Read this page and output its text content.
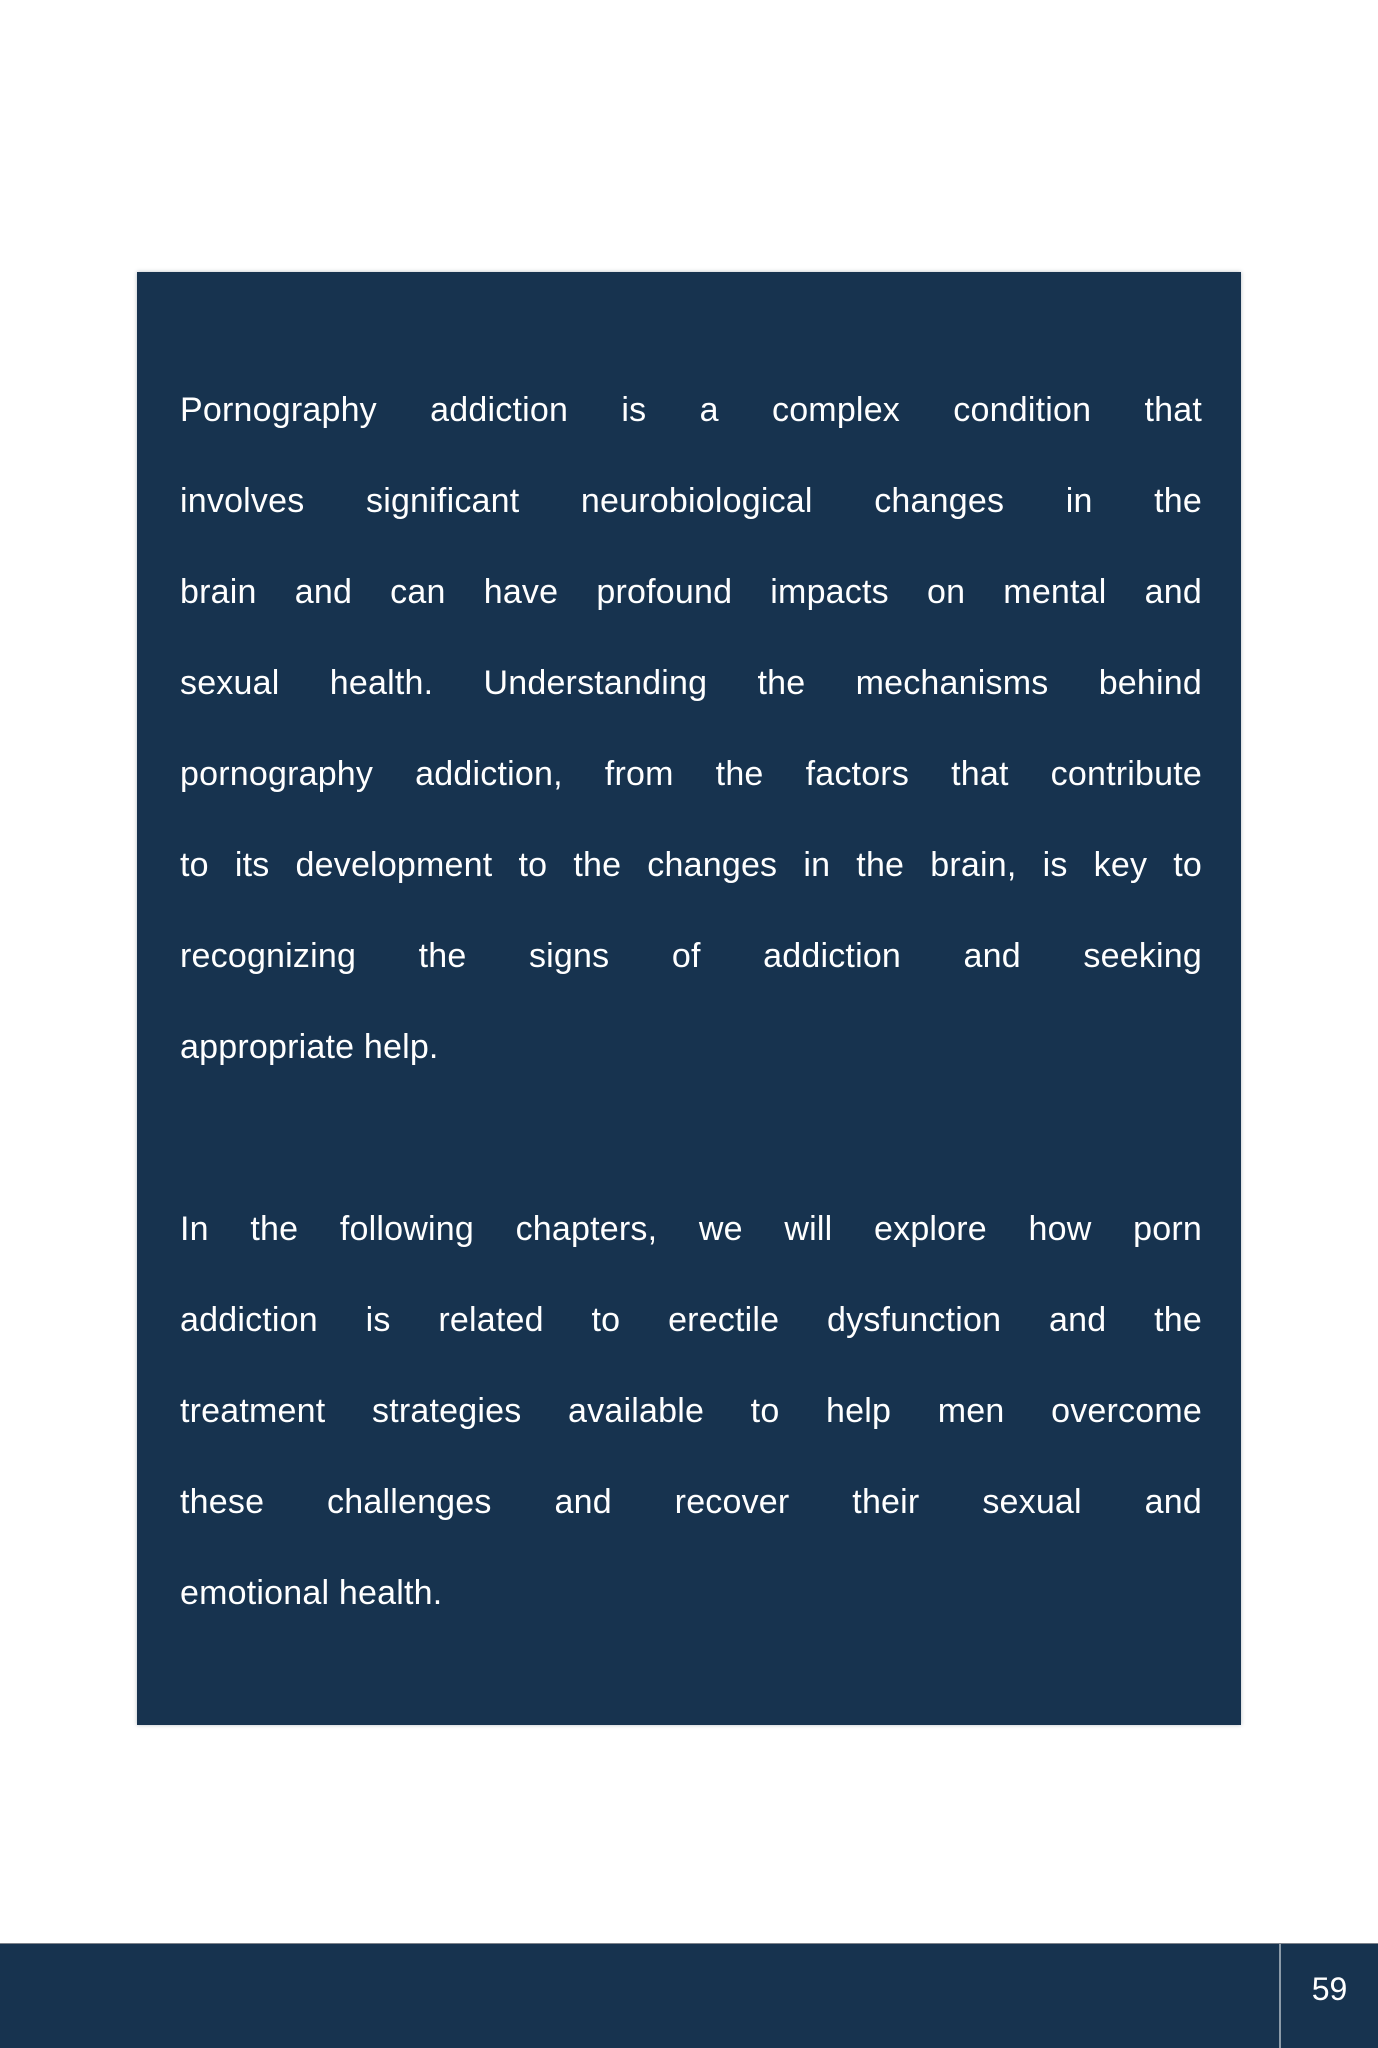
Pornography addiction is a complex condition that
involves significant neurobiological changes in the
brain and can have profound impacts on mental and
sexual health. Understanding the mechanisms behind
pornography addiction, from the factors that contribute
to its development to the changes in the brain, is key to
recognizing the signs of addiction and seeking
appropriate help.
In the following chapters, we will explore how porn
addiction is related to erectile dysfunction and the
treatment strategies available to help men overcome
these challenges and recover their sexual and
emotional health.
59
